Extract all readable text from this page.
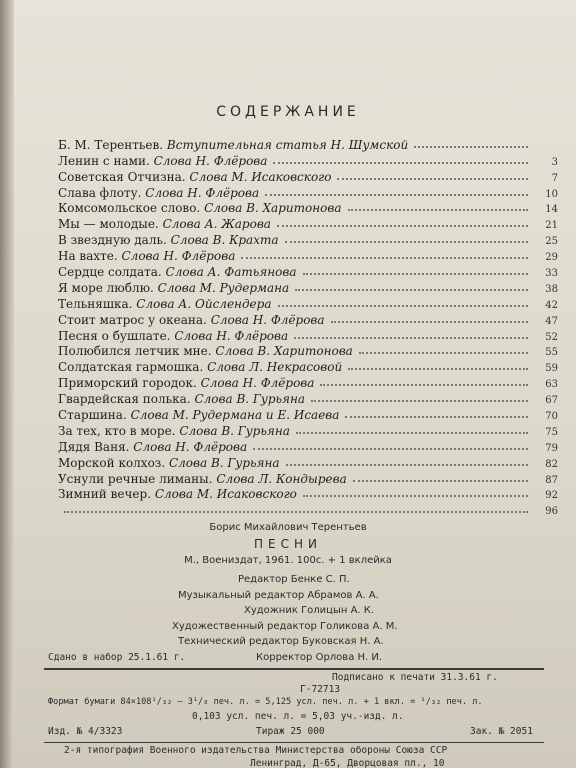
СОДЕРЖАНИЕ
Б. М. Терентьев. Вступительная статья Н. Шумской
Ленин с нами. Слова Н. Флёрова	3
Советская Отчизна. Слова М. Исаковского	7
Слава флоту. Слова Н. Флёрова	10
Комсомольское слово. Слова В. Харитонова	14
Мы — молодые. Слова А. Жарова	21
В звездную даль. Слова В. Крахта	25
На вахте. Слова Н. Флёрова	29
Сердце солдата. Слова А. Фатьянова	33
Я море люблю. Слова М. Рудермана	38
Тельняшка. Слова А. Ойслендера	42
Стоит матрос у океана. Слова Н. Флёрова	47
Песня о бушлате. Слова Н. Флёрова	52
Полюбился летчик мне. Слова В. Харитонова	55
Солдатская гармошка. Слова Л. Некрасовой	59
Приморский городок. Слова Н. Флёрова	63
Гвардейская полька. Слова В. Гурьяна	67
Старшина. Слова М. Рудермана и Е. Исаева	70
За тех, кто в море. Слова В. Гурьяна	75
Дядя Ваня. Слова Н. Флёрова	79
Морской колхоз. Слова В. Гурьяна	82
Уснули речные лиманы. Слова Л. Кондырева	87
Зимний вечер. Слова М. Исаковского	92
96
Борис Михайлович Терентьев
ПЕСНИ
М., Воениздат, 1961. 100с. + 1 вклейка
Редактор Бенке С. П.
Музыкальный редактор Абрамов А. А.
Художник Голицын А. К.
Художественный редактор Голикова А. М.
Технический редактор Буковская Н. А.
Корректор Орлова Н. И.
Сдано в набор 25.1.61 г.
Подписано к печати 31.3.61 г.
Г-72713
Формат бумаги 84×108¹/₃₂ — 3¹/₈ печ. л. = 5,125 усл. печ. л. + 1 вкл. = ¹/₃₂ печ. л.
0,103 усл. печ. л. = 5,03 уч.-изд. л.
Изд. № 4/3323	Тираж 25 000	Зак. № 2051
2-я типография Военного издательства Министерства обороны Союза ССР
Ленинград, Д-65, Дворцовая пл., 10
